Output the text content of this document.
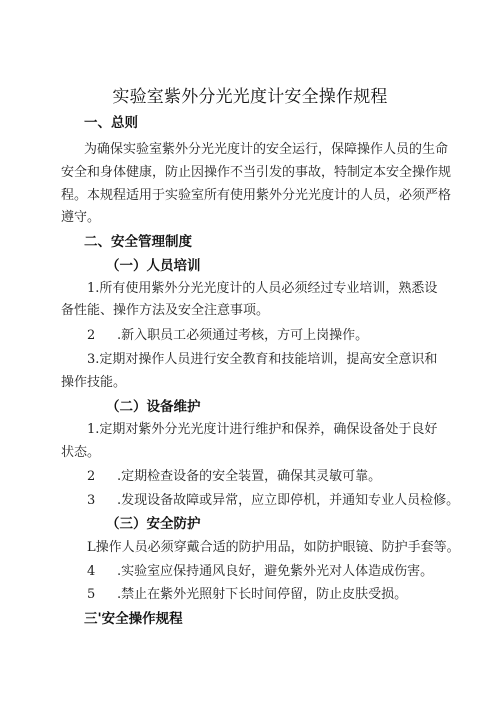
实验室紫外分光光度计安全操作规程
一、总则
为确保实验室紫外分光光度计的安全运行，保障操作人员的生命
安全和身体健康，防止因操作不当引发的事故，特制定本安全操作规
程。本规程适用于实验室所有使用紫外分光光度计的人员，必须严格
遵守。
二、安全管理制度
（一）人员培训
1.所有使用紫外分光光度计的人员必须经过专业培训，熟悉设
备性能、操作方法及安全注意事项。
2 .新入职员工必须通过考核，方可上岗操作。
3.定期对操作人员进行安全教育和技能培训，提高安全意识和
操作技能。
（二）设备维护
1.定期对紫外分光光度计进行维护和保养，确保设备处于良好
状态。
2 .定期检查设备的安全装置，确保其灵敏可靠。
3 .发现设备故障或异常，应立即停机，并通知专业人员检修。
（三）安全防护
L操作人员必须穿戴合适的防护用品，如防护眼镜、防护手套等。
4 .实验室应保持通风良好，避免紫外光对人体造成伤害。
5 .禁止在紫外光照射下长时间停留，防止皮肤受损。
三'安全操作规程
